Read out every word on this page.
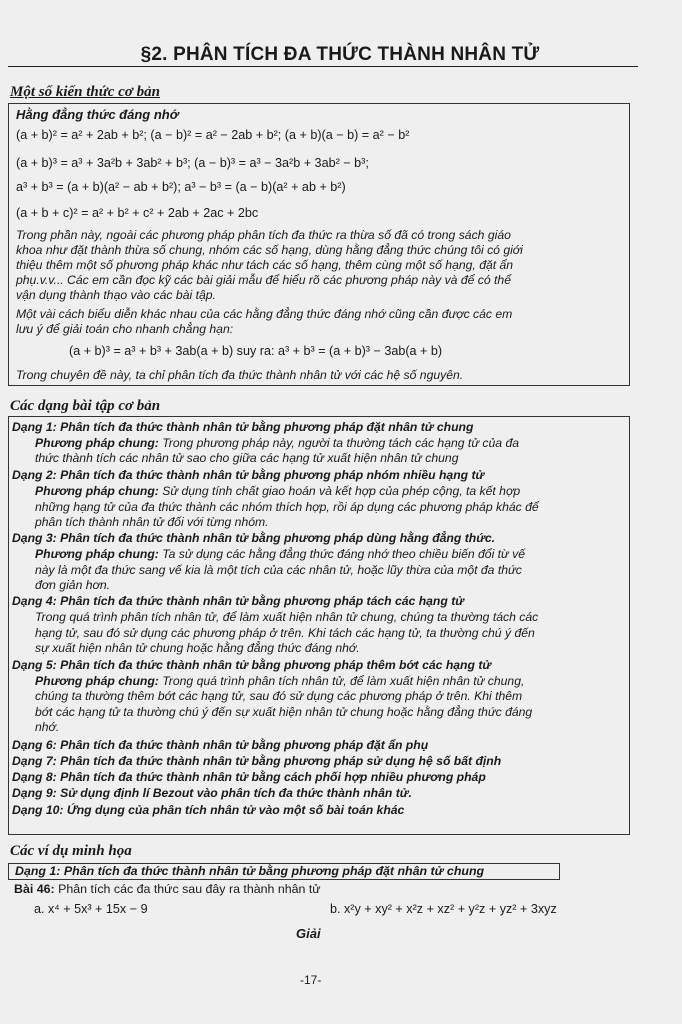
§2. PHÂN TÍCH ĐA THỨC THÀNH NHÂN TỬ
Một số kiến thức cơ bản
Hằng đẳng thức đáng nhớ
(a + b)² = a² + 2ab + b²; (a − b)² = a² − 2ab + b²; (a + b)(a − b) = a² − b²
(a + b)³ = a³ + 3a²b + 3ab² + b³; (a − b)³ = a³ − 3a²b + 3ab² − b³;
a³ + b³ = (a + b)(a² − ab + b²); a³ − b³ = (a − b)(a² + ab + b²)
(a + b + c)² = a² + b² + c² + 2ab + 2ac + 2bc
Trong phần này, ngoài các phương pháp phân tích đa thức ra thừa số đã có trong sách giáo
khoa như đặt thành thừa số chung, nhóm các số hạng, dùng hằng đẳng thức chúng tôi có giới
thiệu thêm một số phương pháp khác như tách các số hạng, thêm cùng một số hạng, đặt ẩn
phụ.v.v... Các em cần đọc kỹ các bài giải mẫu để hiểu rõ các phương pháp này và để có thể
vận dụng thành thạo vào các bài tập.
Một vài cách biểu diễn khác nhau của các hằng đẳng thức đáng nhớ cũng cần được các em
lưu ý để giải toán cho nhanh chẳng hạn:
(a + b)³ = a³ + b³ + 3ab(a + b) suy ra: a³ + b³ = (a + b)³ − 3ab(a + b)
Trong chuyên đề này, ta chỉ phân tích đa thức thành nhân tử với các hệ số nguyên.
Các dạng bài tập cơ bản
Dạng 1: Phân tích đa thức thành nhân tử bằng phương pháp đặt nhân tử chung
Phương pháp chung: Trong phương pháp này, người ta thường tách các hạng tử của đa
thức thành tích các nhân tử sao cho giữa các hạng tử xuất hiện nhân tử chung
Dạng 2: Phân tích đa thức thành nhân tử bằng phương pháp nhóm nhiều hạng tử
Phương pháp chung: Sử dụng tính chất giao hoán và kết hợp của phép cộng, ta kết hợp
những hạng tử của đa thức thành các nhóm thích hợp, rồi áp dụng các phương pháp khác để
phân tích thành nhân tử đối với từng nhóm.
Dạng 3: Phân tích đa thức thành nhân tử bằng phương pháp dùng hằng đẳng thức.
Phương pháp chung: Ta sử dụng các hằng đẳng thức đáng nhớ theo chiều biến đổi từ vế
này là một đa thức sang vế kia là một tích của các nhân tử, hoặc lũy thừa của một đa thức
đơn giản hơn.
Dạng 4: Phân tích đa thức thành nhân tử bằng phương pháp tách các hạng tử
Trong quá trình phân tích nhân tử, để làm xuất hiện nhân tử chung, chúng ta thường tách các
hạng tử, sau đó sử dụng các phương pháp ở trên. Khi tách các hạng tử, ta thường chú ý đến
sự xuất hiện nhân tử chung hoặc hằng đẳng thức đáng nhớ.
Dạng 5: Phân tích đa thức thành nhân tử bằng phương pháp thêm bớt các hạng tử
Phương pháp chung: Trong quá trình phân tích nhân tử, để làm xuất hiện nhân tử chung,
chúng ta thường thêm bớt các hạng tử, sau đó sử dụng các phương pháp ở trên. Khi thêm
bớt các hạng tử ta thường chú ý đến sự xuất hiện nhân tử chung hoặc hằng đẳng thức đáng
nhớ.
Dạng 6: Phân tích đa thức thành nhân tử bằng phương pháp đặt ẩn phụ
Dạng 7: Phân tích đa thức thành nhân tử bằng phương pháp sử dụng hệ số bất định
Dạng 8: Phân tích đa thức thành nhân tử bằng cách phối hợp nhiều phương pháp
Dạng 9: Sử dụng định lí Bezout vào phân tích đa thức thành nhân tử.
Dạng 10: Ứng dụng của phân tích nhân tử vào một số bài toán khác
Các ví dụ minh họa
Dạng 1: Phân tích đa thức thành nhân tử bằng phương pháp đặt nhân tử chung
Bài 46: Phân tích các đa thức sau đây ra thành nhân tử
a. x⁴ + 5x³ + 15x − 9	b. x²y + xy² + x²z + xz² + y²z + yz² + 3xyz
Giải
-17-
